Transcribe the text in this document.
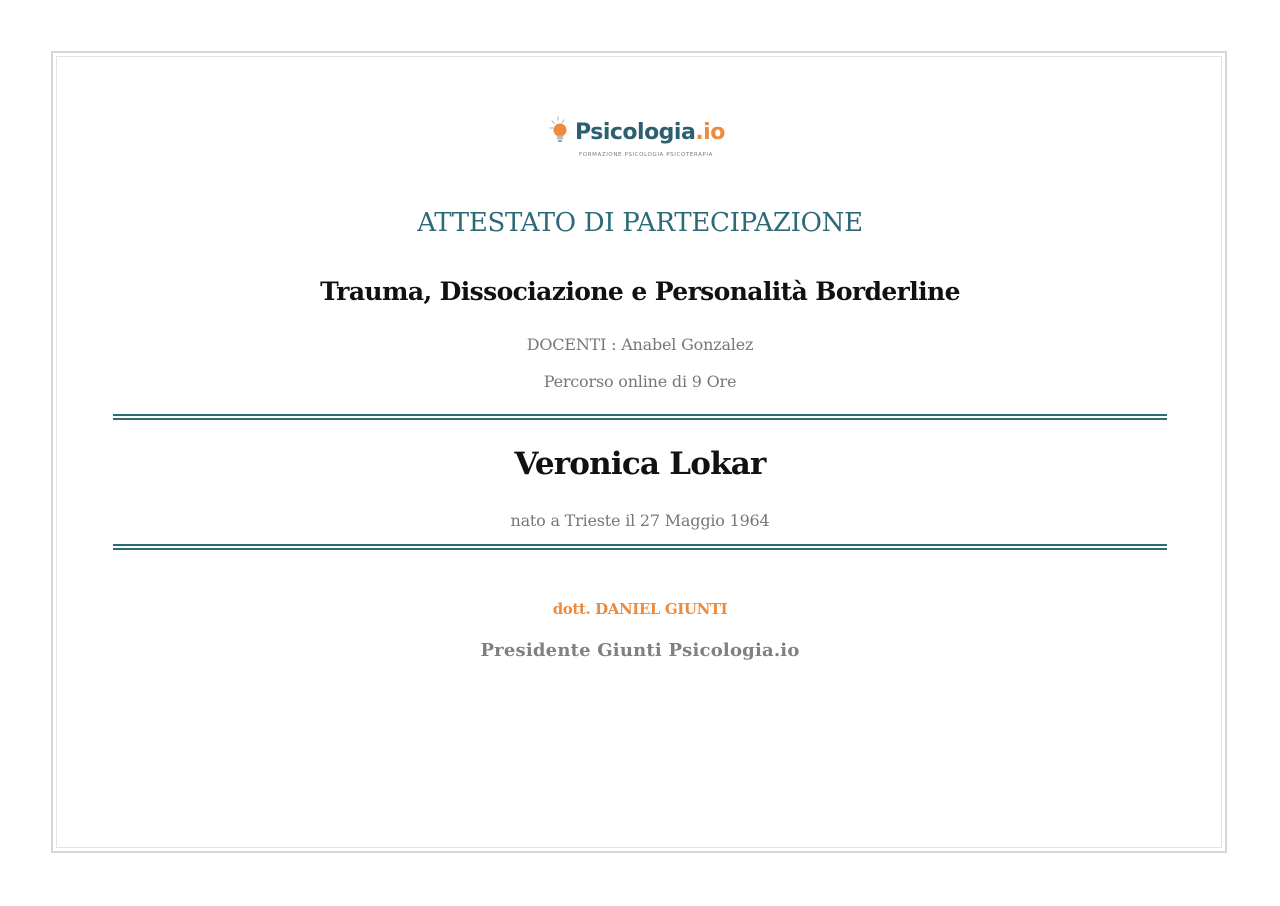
Psicologia.io
FORMAZIONE PSICOLOGIA PSICOTERAPIA
ATTESTATO DI PARTECIPAZIONE
Trauma, Dissociazione e Personalità Borderline
DOCENTI : Anabel Gonzalez
Percorso online di 9 Ore
Veronica Lokar
nato a Trieste il 27 Maggio 1964
dott. DANIEL GIUNTI
Presidente Giunti Psicologia.io
